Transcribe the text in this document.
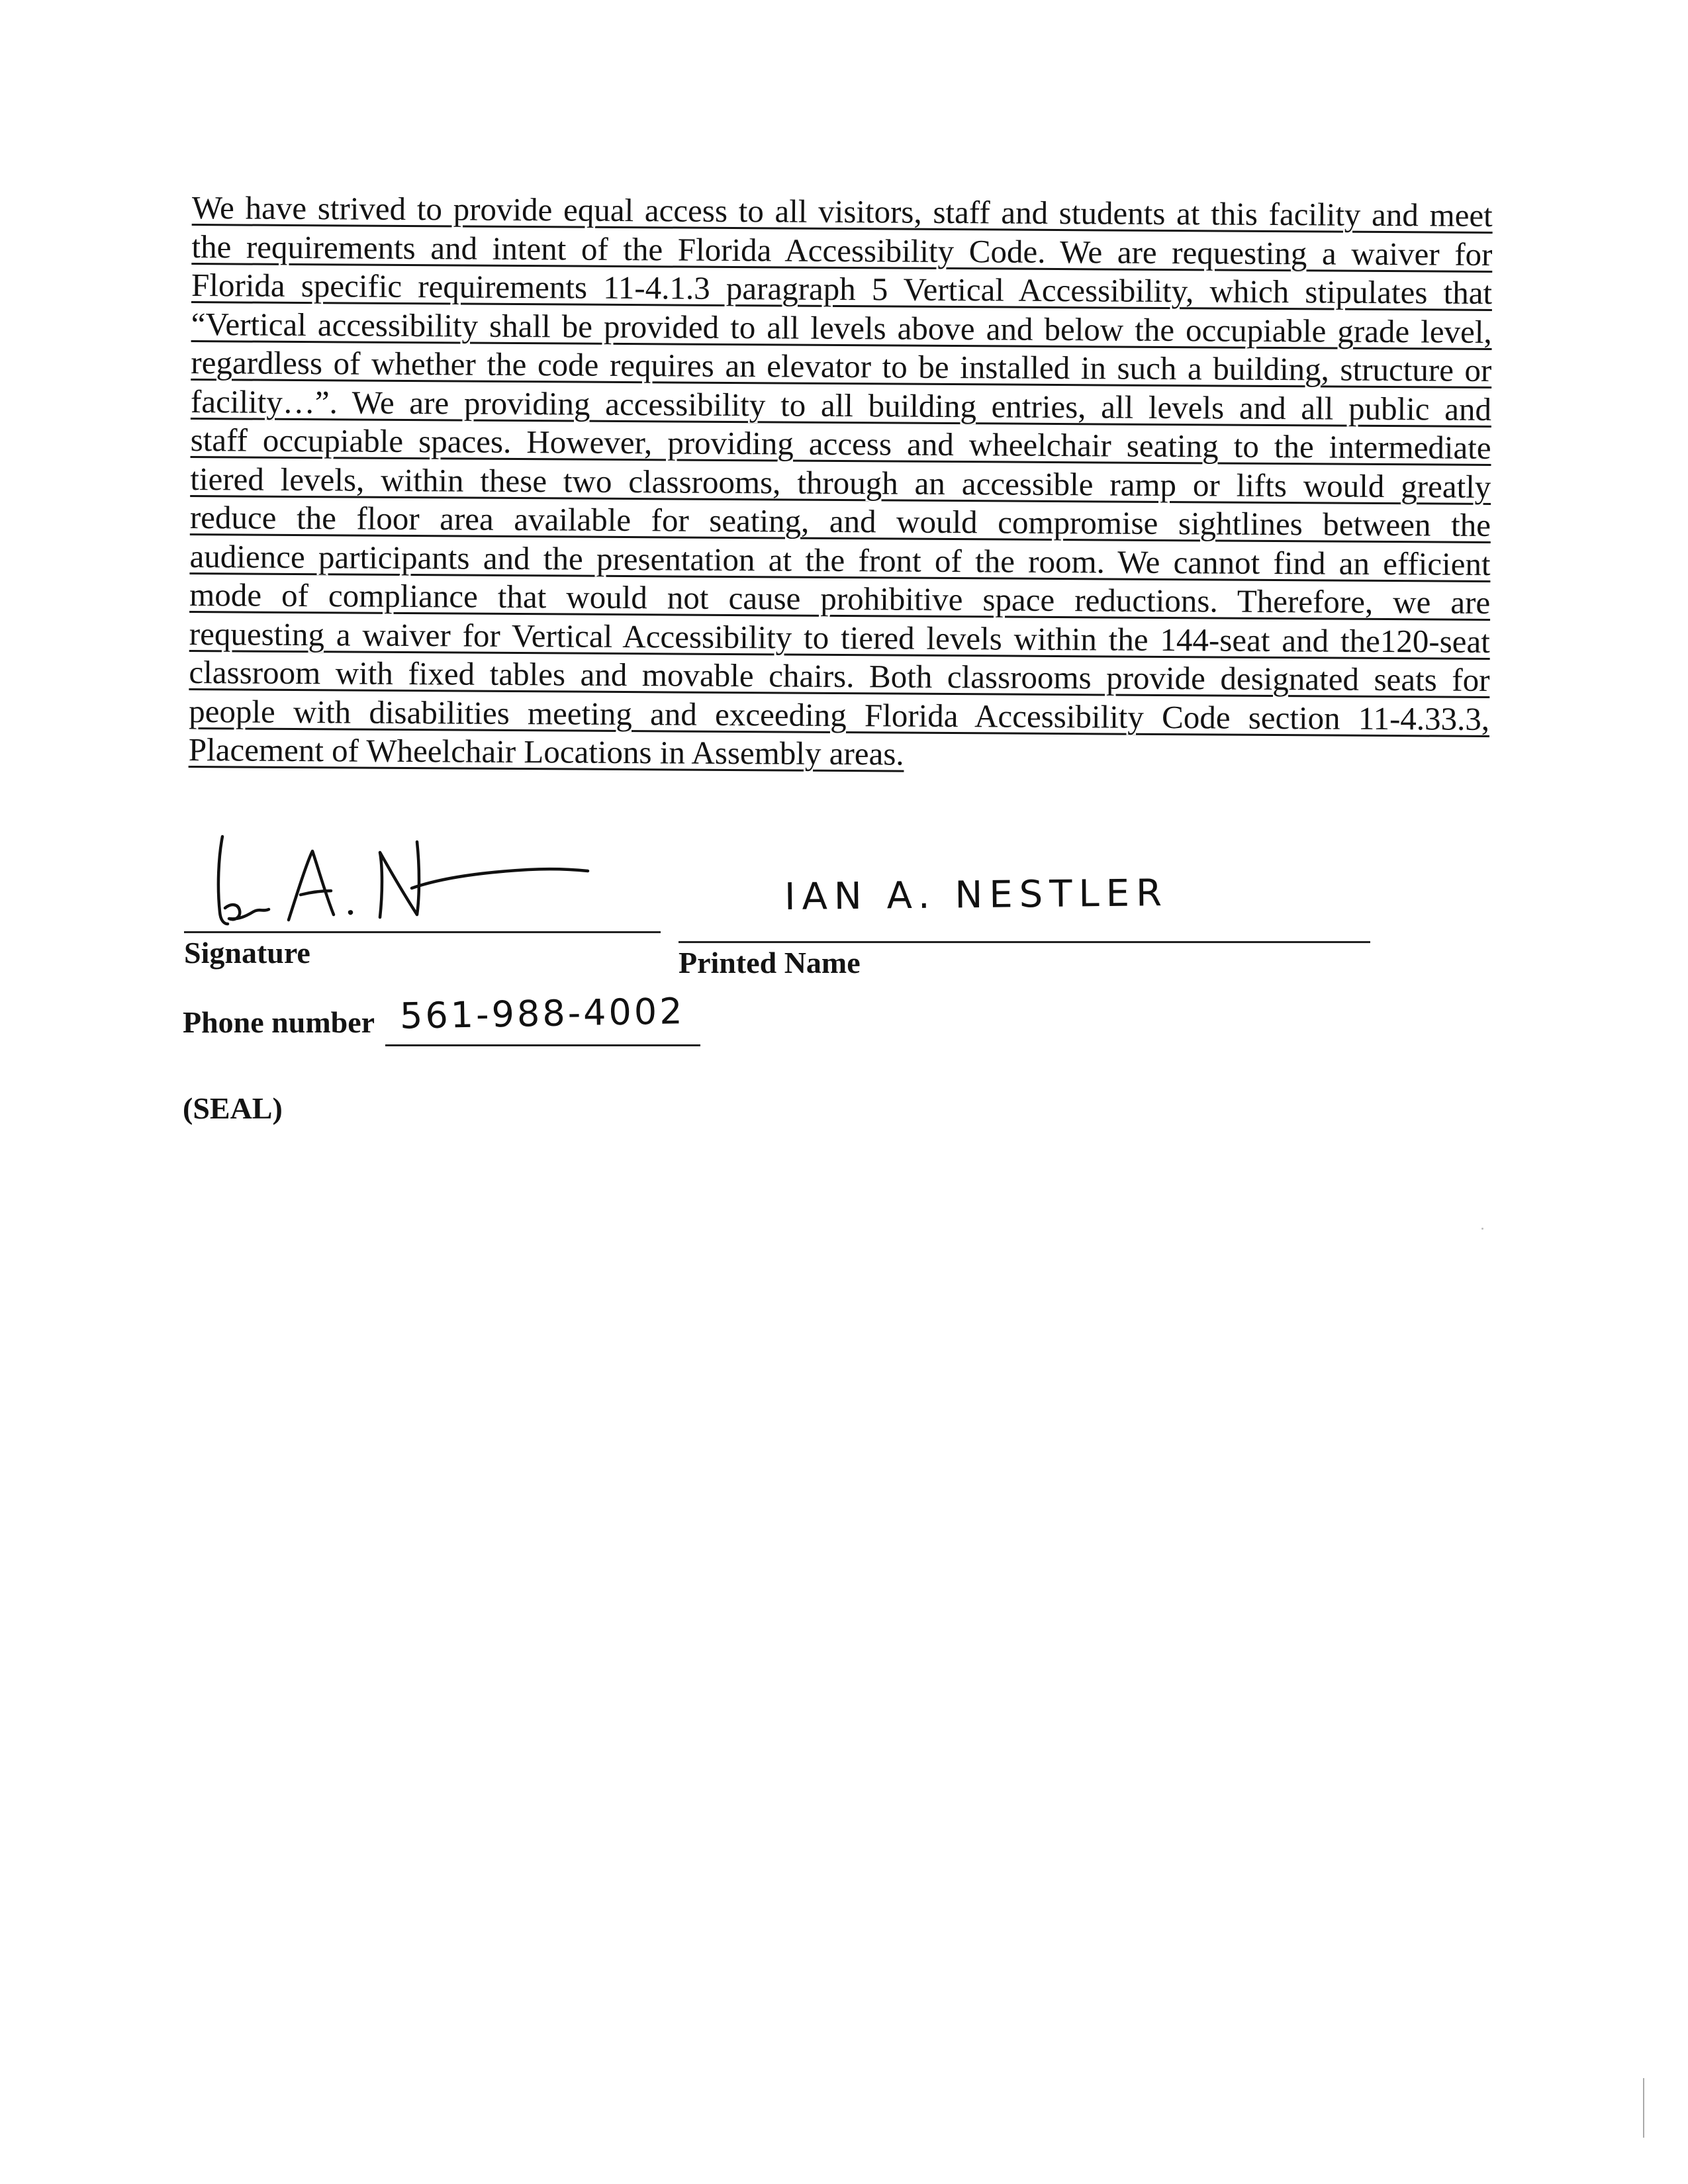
We have strived to provide equal access to all visitors, staff and students at this facility and meet
the requirements and intent of the Florida Accessibility Code. We are requesting a waiver for
Florida specific requirements 11-4.1.3 paragraph 5 Vertical Accessibility, which stipulates that
“Vertical accessibility shall be provided to all levels above and below the occupiable grade level,
regardless of whether the code requires an elevator to be installed in such a building, structure or
facility…”. We are providing accessibility to all building entries, all levels and all public and
staff occupiable spaces. However, providing access and wheelchair seating to the intermediate
tiered levels, within these two classrooms, through an accessible ramp or lifts would greatly
reduce the floor area available for seating, and would compromise sightlines between the
audience participants and the presentation at the front of the room. We cannot find an efficient
mode of compliance that would not cause prohibitive space reductions. Therefore, we are
requesting a waiver for Vertical Accessibility to tiered levels within the 144-seat and the120-seat
classroom with fixed tables and movable chairs. Both classrooms provide designated seats for
people with disabilities meeting and exceeding Florida Accessibility Code section 11-4.33.3,
Placement of Wheelchair Locations in Assembly areas.
Signature
IAN A. NESTLER
Printed Name
Phone number 561-988-4002
(SEAL)
